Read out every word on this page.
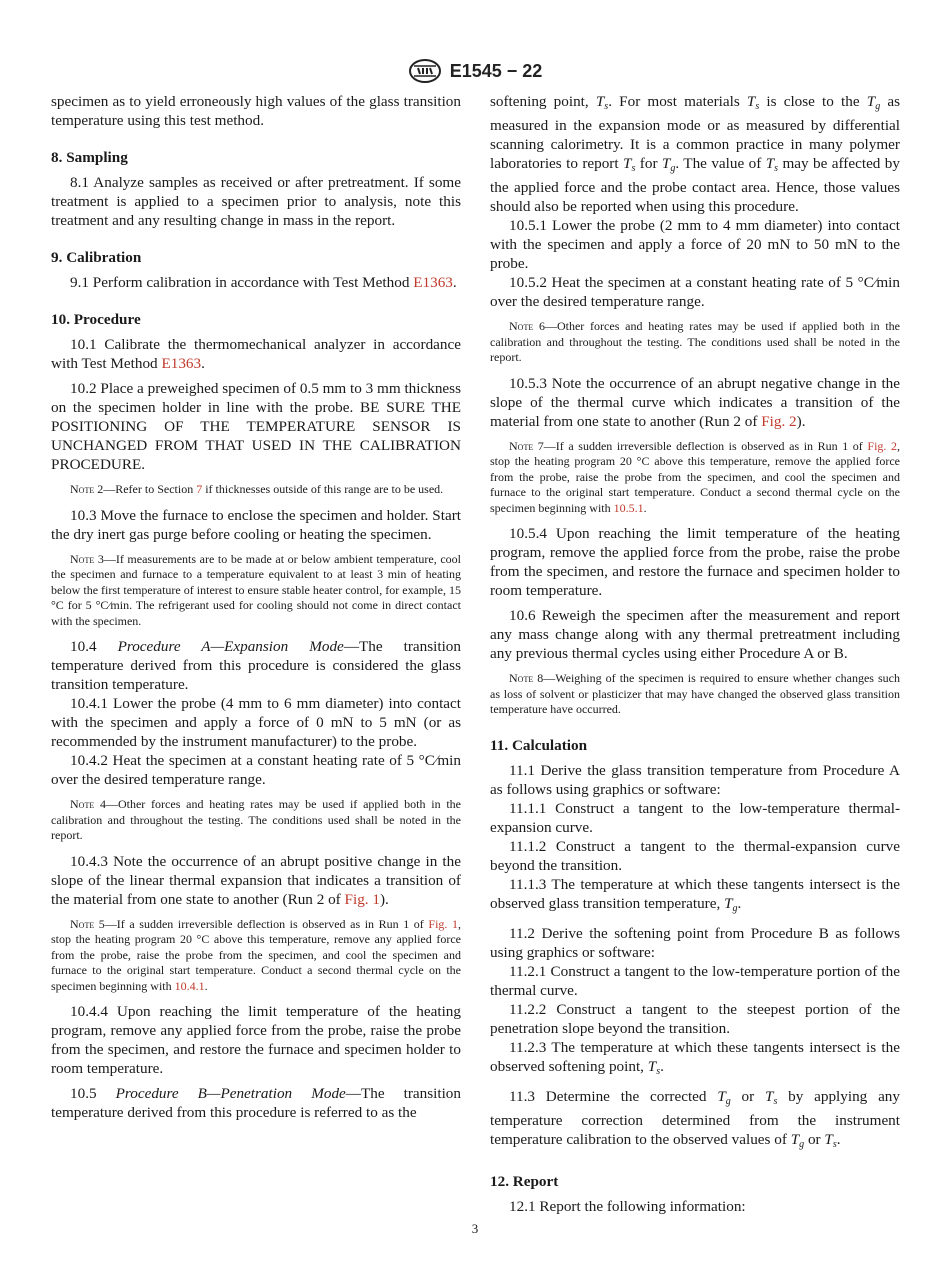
E1545 − 22

specimen as to yield erroneously high values of the glass transition temperature using this test method.

8. Sampling

8.1 Analyze samples as received or after pretreatment. If some treatment is applied to a specimen prior to analysis, note this treatment and any resulting change in mass in the report.

9. Calibration

9.1 Perform calibration in accordance with Test Method E1363.

10. Procedure

10.1 Calibrate the thermomechanical analyzer in accordance with Test Method E1363.

10.2 Place a preweighed specimen of 0.5 mm to 3 mm thickness on the specimen holder in line with the probe. BE SURE THE POSITIONING OF THE TEMPERATURE SENSOR IS UNCHANGED FROM THAT USED IN THE CALIBRATION PROCEDURE.

Note 2—Refer to Section 7 if thicknesses outside of this range are to be used.

10.3 Move the furnace to enclose the specimen and holder. Start the dry inert gas purge before cooling or heating the specimen.

Note 3—If measurements are to be made at or below ambient temperature, cool the specimen and furnace to a temperature equivalent to at least 3 min of heating below the first temperature of interest to ensure stable heater control, for example, 15 °C for 5 °C⁄min. The refrigerant used for cooling should not come in direct contact with the specimen.

10.4 Procedure A—Expansion Mode—The transition temperature derived from this procedure is considered the glass transition temperature.

10.4.1 Lower the probe (4 mm to 6 mm diameter) into contact with the specimen and apply a force of 0 mN to 5 mN (or as recommended by the instrument manufacturer) to the probe.

10.4.2 Heat the specimen at a constant heating rate of 5 °C⁄min over the desired temperature range.

Note 4—Other forces and heating rates may be used if applied both in the calibration and throughout the testing. The conditions used shall be noted in the report.

10.4.3 Note the occurrence of an abrupt positive change in the slope of the linear thermal expansion that indicates a transition of the material from one state to another (Run 2 of Fig. 1).

Note 5—If a sudden irreversible deflection is observed as in Run 1 of Fig. 1, stop the heating program 20 °C above this temperature, remove any applied force from the probe, raise the probe from the specimen, and cool the specimen and furnace to the original start temperature. Conduct a second thermal cycle on the specimen beginning with 10.4.1.

10.4.4 Upon reaching the limit temperature of the heating program, remove any applied force from the probe, raise the probe from the specimen, and restore the furnace and specimen holder to room temperature.

10.5 Procedure B—Penetration Mode—The transition temperature derived from this procedure is referred to as the

softening point, $T_s$. For most materials $T_s$ is close to the $T_g$ as measured in the expansion mode or as measured by differential scanning calorimetry. It is a common practice in many polymer laboratories to report $T_s$ for $T_g$. The value of $T_s$ may be affected by the applied force and the probe contact area. Hence, those values should also be reported when using this procedure.

10.5.1 Lower the probe (2 mm to 4 mm diameter) into contact with the specimen and apply a force of 20 mN to 50 mN to the probe.

10.5.2 Heat the specimen at a constant heating rate of 5 °C⁄min over the desired temperature range.

Note 6—Other forces and heating rates may be used if applied both in the calibration and throughout the testing. The conditions used shall be noted in the report.

10.5.3 Note the occurrence of an abrupt negative change in the slope of the thermal curve which indicates a transition of the material from one state to another (Run 2 of Fig. 2).

Note 7—If a sudden irreversible deflection is observed as in Run 1 of Fig. 2, stop the heating program 20 °C above this temperature, remove the applied force from the probe, raise the probe from the specimen, and cool the specimen and furnace to the original start temperature. Conduct a second thermal cycle on the specimen beginning with 10.5.1.

10.5.4 Upon reaching the limit temperature of the heating program, remove the applied force from the probe, raise the probe from the specimen, and restore the furnace and specimen holder to room temperature.

10.6 Reweigh the specimen after the measurement and report any mass change along with any thermal pretreatment including any previous thermal cycles using either Procedure A or B.

Note 8—Weighing of the specimen is required to ensure whether changes such as loss of solvent or plasticizer that may have changed the observed glass transition temperature have occurred.

11. Calculation

11.1 Derive the glass transition temperature from Procedure A as follows using graphics or software:

11.1.1 Construct a tangent to the low-temperature thermal-expansion curve.

11.1.2 Construct a tangent to the thermal-expansion curve beyond the transition.

11.1.3 The temperature at which these tangents intersect is the observed glass transition temperature, $T_g$.

11.2 Derive the softening point from Procedure B as follows using graphics or software:

11.2.1 Construct a tangent to the low-temperature portion of the thermal curve.

11.2.2 Construct a tangent to the steepest portion of the penetration slope beyond the transition.

11.2.3 The temperature at which these tangents intersect is the observed softening point, $T_s$.

11.3 Determine the corrected $T_g$ or $T_s$ by applying any temperature correction determined from the instrument temperature calibration to the observed values of $T_g$ or $T_s$.

12. Report

12.1 Report the following information:

3
